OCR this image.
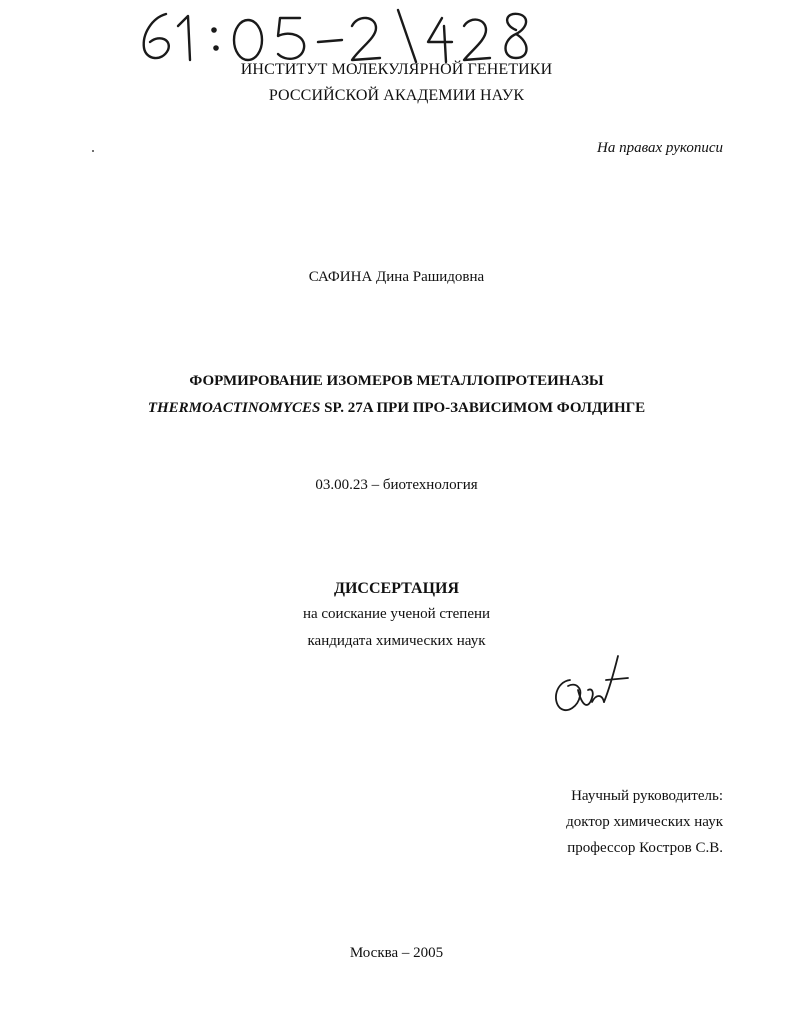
ИНСТИТУТ МОЛЕКУЛЯРНОЙ ГЕНЕТИКИ
РОССИЙСКОЙ АКАДЕМИИ НАУК
На правах рукописи
САФИНА Дина Рашидовна
ФОРМИРОВАНИЕ ИЗОМЕРОВ МЕТАЛЛОПРОТЕИНАЗЫ
THERMOACTINOMYCES SP. 27A ПРИ ПРО-ЗАВИСИМОМ ФОЛДИНГЕ
03.00.23 – биотехнология
ДИССЕРТАЦИЯ
на соискание ученой степени
кандидата химических наук
Научный руководитель:
доктор химических наук
профессор Костров С.В.
Москва – 2005
